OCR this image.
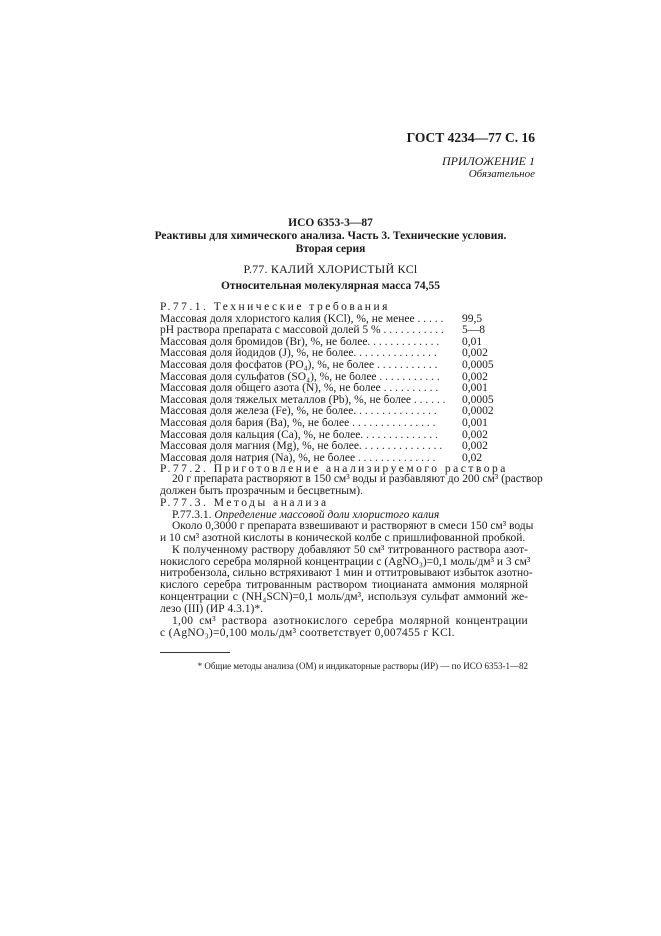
ГОСТ 4234—77 С. 16
ПРИЛОЖЕНИЕ 1
Обязательное
ИСО 6353-3—87
Реактивы для химического анализа. Часть 3. Технические условия.
Вторая серия
Р.77. КАЛИЙ ХЛОРИСТЫЙ КCl
Относительная молекулярная масса 74,55
Р.77.1. Технические требования
Массовая доля хлористого калия (KCl), %, не менее . . . . .	99,5
pH раствора препарата с массовой долей 5 % . . . . . . . . . . .	5—8
Массовая доля бромидов (Br), %, не более. . . . . . . . . . . . .	0,01
Массовая доля йодидов (J), %, не более. . . . . . . . . . . . . . .	0,002
Массовая доля фосфатов (PO₄), %, не более . . . . . . . . . . .	0,0005
Массовая доля сульфатов (SO₄), %, не более . . . . . . . . . . .	0,002
Массовая доля общего азота (N), %, не более . . . . . . . . . .	0,001
Массовая доля тяжелых металлов (Pb), %, не более . . . . . .	0,0005
Массовая доля железа (Fe), %, не более. . . . . . . . . . . . . . .	0,0002
Массовая доля бария (Ba), %, не более . . . . . . . . . . . . . . .	0,001
Массовая доля кальция (Ca), %, не более. . . . . . . . . . . . . .	0,002
Массовая доля магния (Mg), %, не более. . . . . . . . . . . . . . .	0,002
Массовая доля натрия (Na), %, не более . . . . . . . . . . . . . .	0,02
Р.77.2. Приготовление анализируемого раствора
20 г препарата растворяют в 150 см³ воды и разбавляют до 200 см³ (раствор
должен быть прозрачным и бесцветным).
Р.77.3. Методы анализа
Р.77.3.1. Определение массовой доли хлористого калия
Около 0,3000 г препарата взвешивают и растворяют в смеси 150 см³ воды
и 10 см³ азотной кислоты в конической колбе с пришлифованной пробкой.
К полученному раствору добавляют 50 см³ титрованного раствора азот-
нокислого серебра молярной концентрации c (AgNO₃)=0,1 моль/дм³ и 3 см³
нитробензола, сильно встряхивают 1 мин и оттитровывают избыток азотно-
кислого серебра титрованным раствором тиоцианата аммония молярной
концентрации c (NH₄SCN)=0,1 моль/дм³, используя сульфат аммоний же-
лезо (III) (ИР 4.3.1)*.
1,00 см³ раствора азотнокислого серебра молярной концентрации
c (AgNO₃)=0,100 моль/дм³ соответствует 0,007455 г KCl.
* Общие методы анализа (ОМ) и индикаторные растворы (ИР) — по ИСО 6353-1—82
